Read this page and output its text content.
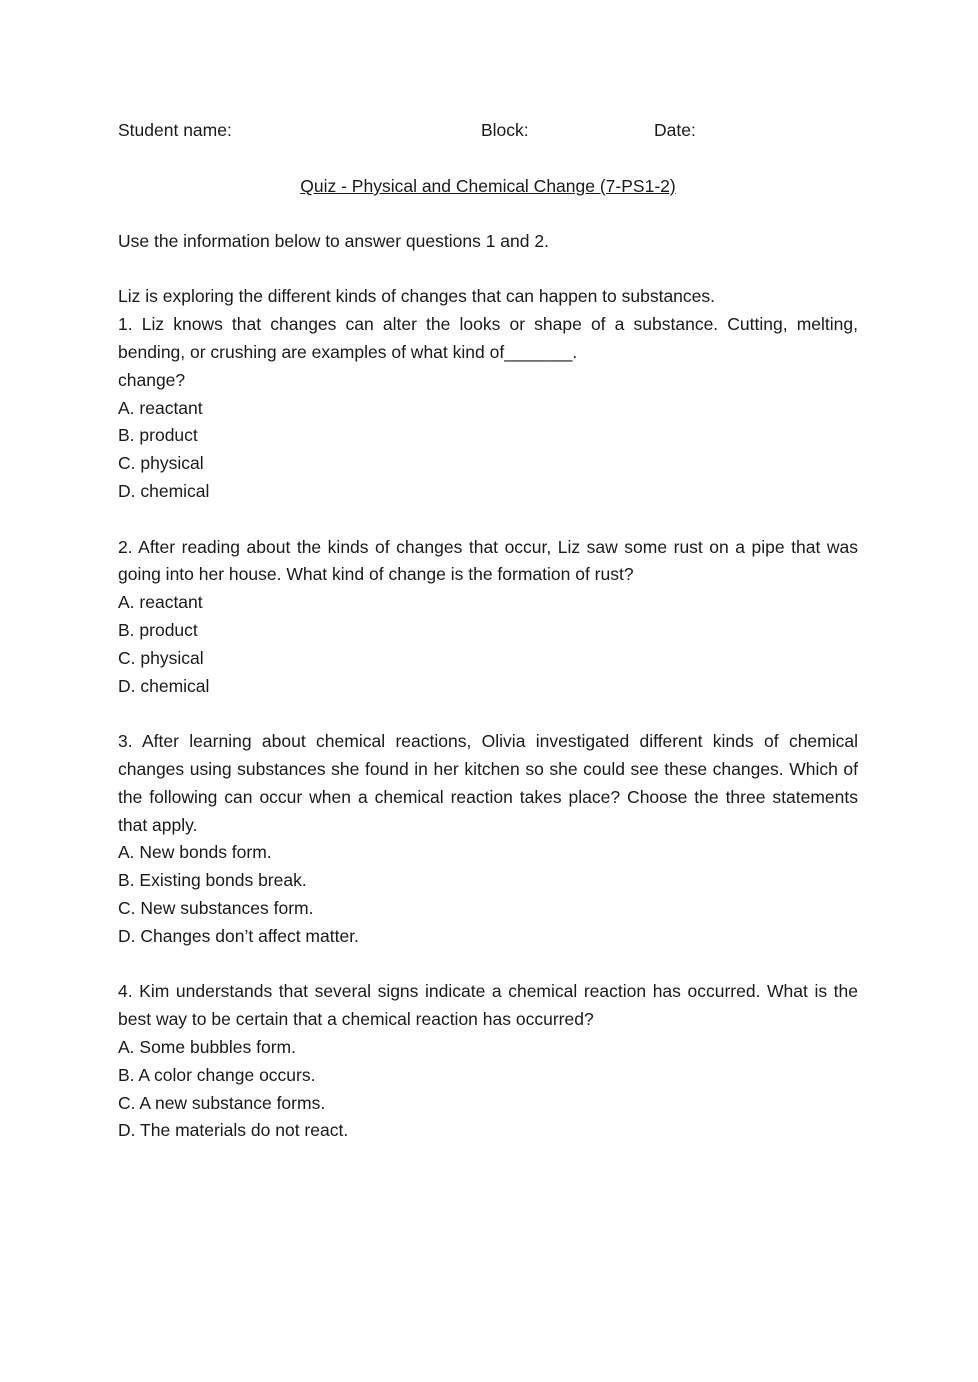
Student name:	Block:	Date:
Quiz - Physical and Chemical Change (7-PS1-2)
Use the information below to answer questions 1 and 2.

Liz is exploring the different kinds of changes that can happen to substances.

1. Liz knows that changes can alter the looks or shape of a substance. Cutting, melting, bending, or crushing are examples of what kind of_______.

change?

A. reactant

B. product

C. physical

D. chemical

2. After reading about the kinds of changes that occur, Liz saw some rust on a pipe that was going into her house. What kind of change is the formation of rust?

A. reactant

B. product

C. physical

D. chemical

3. After learning about chemical reactions, Olivia investigated different kinds of chemical changes using substances she found in her kitchen so she could see these changes. Which of the following can occur when a chemical reaction takes place? Choose the three statements that apply.

A. New bonds form.

B. Existing bonds break.

C. New substances form.

D. Changes don’t affect matter.

4. Kim understands that several signs indicate a chemical reaction has occurred. What is the best way to be certain that a chemical reaction has occurred?

A. Some bubbles form.

B. A color change occurs.

C. A new substance forms.

D. The materials do not react.
